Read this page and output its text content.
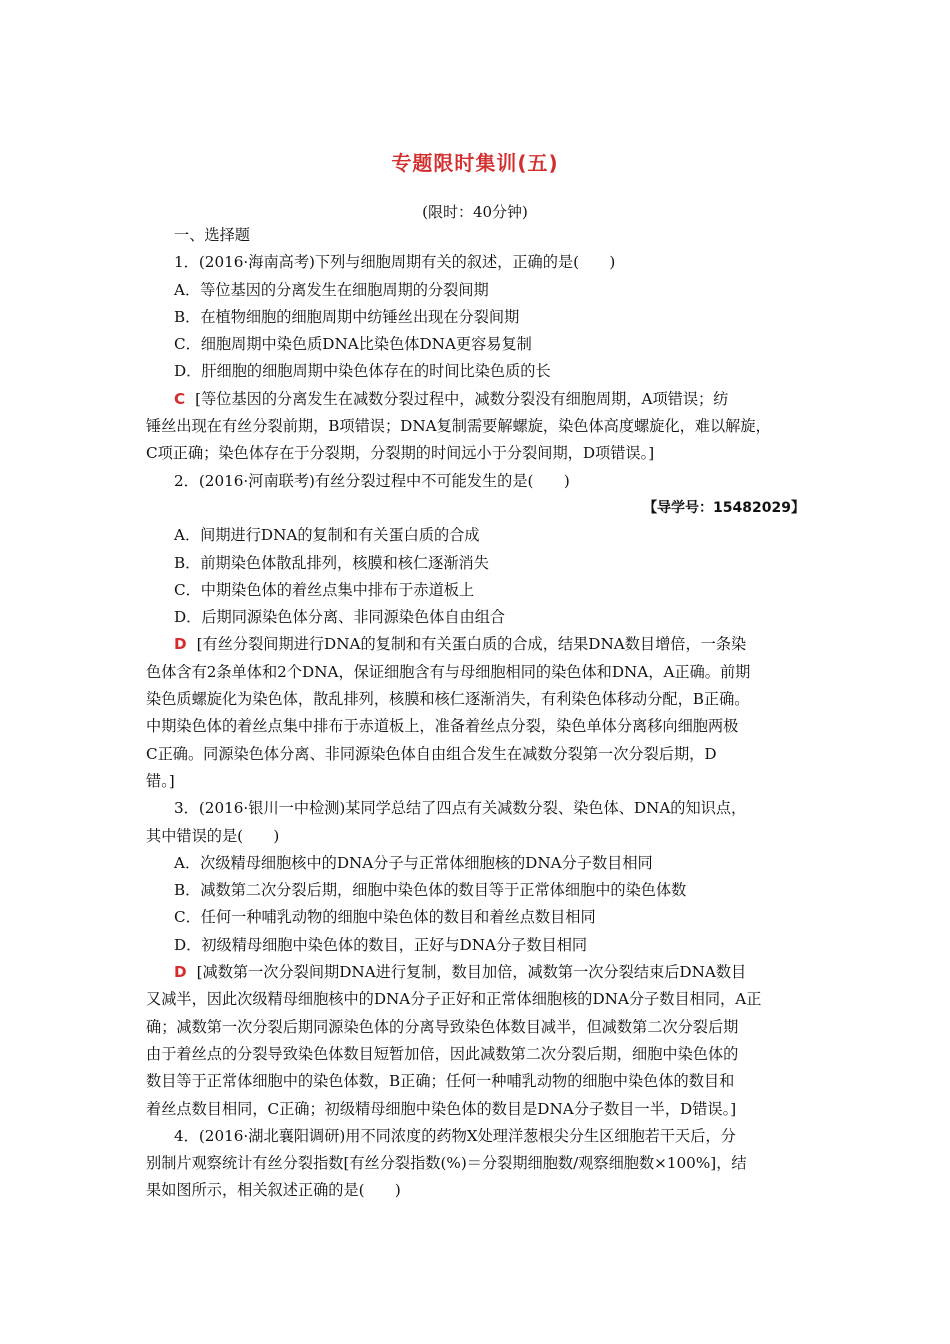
专题限时集训(五)
(限时：40分钟)
一、选择题
1．(2016·海南高考)下列与细胞周期有关的叙述，正确的是(　　)
A．等位基因的分离发生在细胞周期的分裂间期
B．在植物细胞的细胞周期中纺锤丝出现在分裂间期
C．细胞周期中染色质DNA比染色体DNA更容易复制
D．肝细胞的细胞周期中染色体存在的时间比染色质的长
C [等位基因的分离发生在减数分裂过程中，减数分裂没有细胞周期，A项错误；纺
锤丝出现在有丝分裂前期，B项错误；DNA复制需要解螺旋，染色体高度螺旋化，难以解旋，
C项正确；染色体存在于分裂期，分裂期的时间远小于分裂间期，D项错误。]
2．(2016·河南联考)有丝分裂过程中不可能发生的是(　　)
【导学号：15482029】
A．间期进行DNA的复制和有关蛋白质的合成
B．前期染色体散乱排列，核膜和核仁逐渐消失
C．中期染色体的着丝点集中排布于赤道板上
D．后期同源染色体分离、非同源染色体自由组合
D [有丝分裂间期进行DNA的复制和有关蛋白质的合成，结果DNA数目增倍，一条染
色体含有2条单体和2个DNA，保证细胞含有与母细胞相同的染色体和DNA，A正确。前期
染色质螺旋化为染色体，散乱排列，核膜和核仁逐渐消失，有利染色体移动分配，B正确。
中期染色体的着丝点集中排布于赤道板上，准备着丝点分裂，染色单体分离移向细胞两极
C正确。同源染色体分离、非同源染色体自由组合发生在减数分裂第一次分裂后期，D
错。]
3．(2016·银川一中检测)某同学总结了四点有关减数分裂、染色体、DNA的知识点，
其中错误的是(　　)
A．次级精母细胞核中的DNA分子与正常体细胞核的DNA分子数目相同
B．减数第二次分裂后期，细胞中染色体的数目等于正常体细胞中的染色体数
C．任何一种哺乳动物的细胞中染色体的数目和着丝点数目相同
D．初级精母细胞中染色体的数目，正好与DNA分子数目相同
D [减数第一次分裂间期DNA进行复制，数目加倍，减数第一次分裂结束后DNA数目
又减半，因此次级精母细胞核中的DNA分子正好和正常体细胞核的DNA分子数目相同，A正
确；减数第一次分裂后期同源染色体的分离导致染色体数目减半，但减数第二次分裂后期
由于着丝点的分裂导致染色体数目短暂加倍，因此减数第二次分裂后期，细胞中染色体的
数目等于正常体细胞中的染色体数，B正确；任何一种哺乳动物的细胞中染色体的数目和
着丝点数目相同，C正确；初级精母细胞中染色体的数目是DNA分子数目一半，D错误。]
4．(2016·湖北襄阳调研)用不同浓度的药物X处理洋葱根尖分生区细胞若干天后，分
别制片观察统计有丝分裂指数[有丝分裂指数(%)＝分裂期细胞数/观察细胞数×100%]，结
果如图所示，相关叙述正确的是(　　)
